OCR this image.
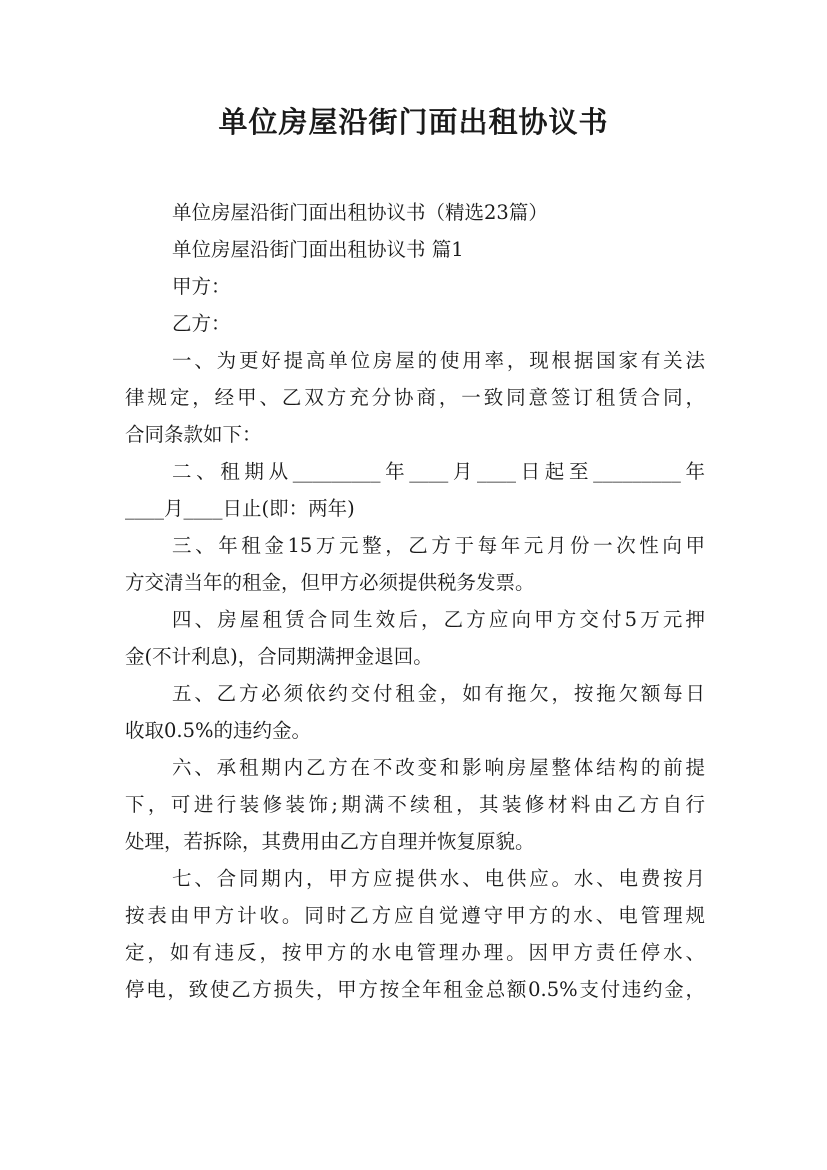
单位房屋沿街门面出租协议书
单位房屋沿街门面出租协议书（精选23篇）
单位房屋沿街门面出租协议书 篇1
甲方：
乙方：
一、为更好提高单位房屋的使用率，现根据国家有关法
律规定，经甲、乙双方充分协商，一致同意签订租赁合同，
合同条款如下：
二、租期从_________年____月____日起至_________年
____月____日止(即：两年)
三、年租金15万元整，乙方于每年元月份一次性向甲
方交清当年的租金，但甲方必须提供税务发票。
四、房屋租赁合同生效后，乙方应向甲方交付5万元押
金(不计利息)，合同期满押金退回。
五、乙方必须依约交付租金，如有拖欠，按拖欠额每日
收取0.5%的违约金。
六、承租期内乙方在不改变和影响房屋整体结构的前提
下，可进行装修装饰;期满不续租，其装修材料由乙方自行
处理，若拆除，其费用由乙方自理并恢复原貌。
七、合同期内，甲方应提供水、电供应。水、电费按月
按表由甲方计收。同时乙方应自觉遵守甲方的水、电管理规
定，如有违反，按甲方的水电管理办理。因甲方责任停水、
停电，致使乙方损失，甲方按全年租金总额0.5%支付违约金，
